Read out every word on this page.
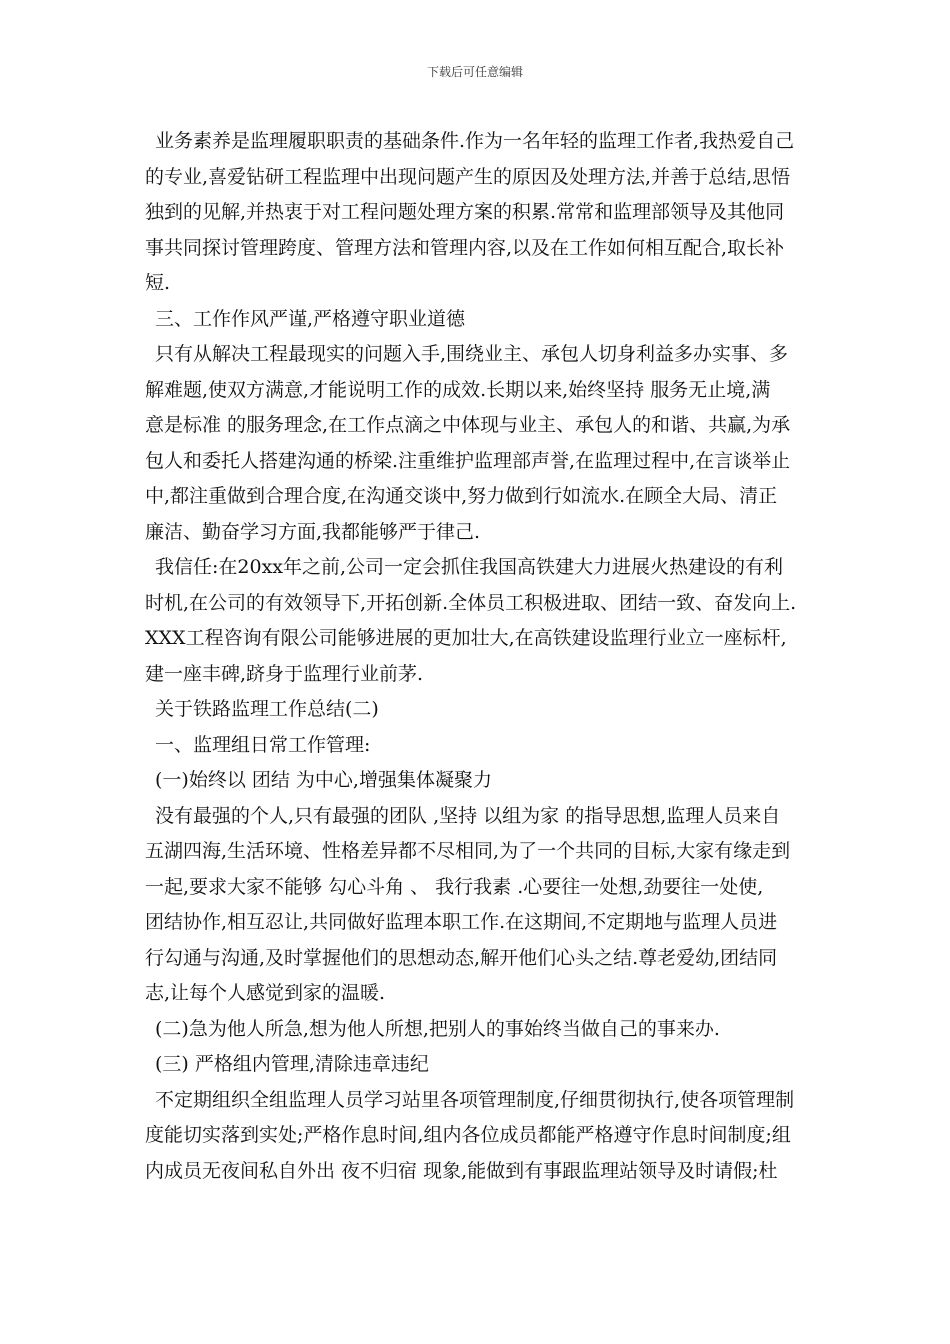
下载后可任意编辑
业务素养是监理履职职责的基础条件.作为一名年轻的监理工作者,我热爱自己
的专业,喜爱钻研工程监理中出现问题产生的原因及处理方法,并善于总结,思悟
独到的见解,并热衷于对工程问题处理方案的积累.常常和监理部领导及其他同
事共同探讨管理跨度、管理方法和管理内容,以及在工作如何相互配合,取长补
短.
三、工作作风严谨,严格遵守职业道德
只有从解决工程最现实的问题入手,围绕业主、承包人切身利益多办实事、多
解难题,使双方满意,才能说明工作的成效.长期以来,始终坚持 服务无止境,满
意是标准 的服务理念,在工作点滴之中体现与业主、承包人的和谐、共赢,为承
包人和委托人搭建沟通的桥梁.注重维护监理部声誉,在监理过程中,在言谈举止
中,都注重做到合理合度,在沟通交谈中,努力做到行如流水.在顾全大局、清正
廉洁、勤奋学习方面,我都能够严于律己.
我信任:在20xx年之前,公司一定会抓住我国高铁建大力进展火热建设的有利
时机,在公司的有效领导下,开拓创新.全体员工积极进取、团结一致、奋发向上.
XXX工程咨询有限公司能够进展的更加壮大,在高铁建设监理行业立一座标杆,
建一座丰碑,跻身于监理行业前茅.
关于铁路监理工作总结(二)
一、监理组日常工作管理:
(一)始终以 团结 为中心,增强集体凝聚力
没有最强的个人,只有最强的团队 ,坚持 以组为家 的指导思想,监理人员来自
五湖四海,生活环境、性格差异都不尽相同,为了一个共同的目标,大家有缘走到
一起,要求大家不能够 勾心斗角 、 我行我素 .心要往一处想,劲要往一处使,
团结协作,相互忍让,共同做好监理本职工作.在这期间,不定期地与监理人员进
行勾通与沟通,及时掌握他们的思想动态,解开他们心头之结.尊老爱幼,团结同
志,让每个人感觉到家的温暖.
(二)急为他人所急,想为他人所想,把别人的事始终当做自己的事来办.
(三) 严格组内管理,清除违章违纪
不定期组织全组监理人员学习站里各项管理制度,仔细贯彻执行,使各项管理制
度能切实落到实处;严格作息时间,组内各位成员都能严格遵守作息时间制度;组
内成员无夜间私自外出 夜不归宿 现象,能做到有事跟监理站领导及时请假;杜
